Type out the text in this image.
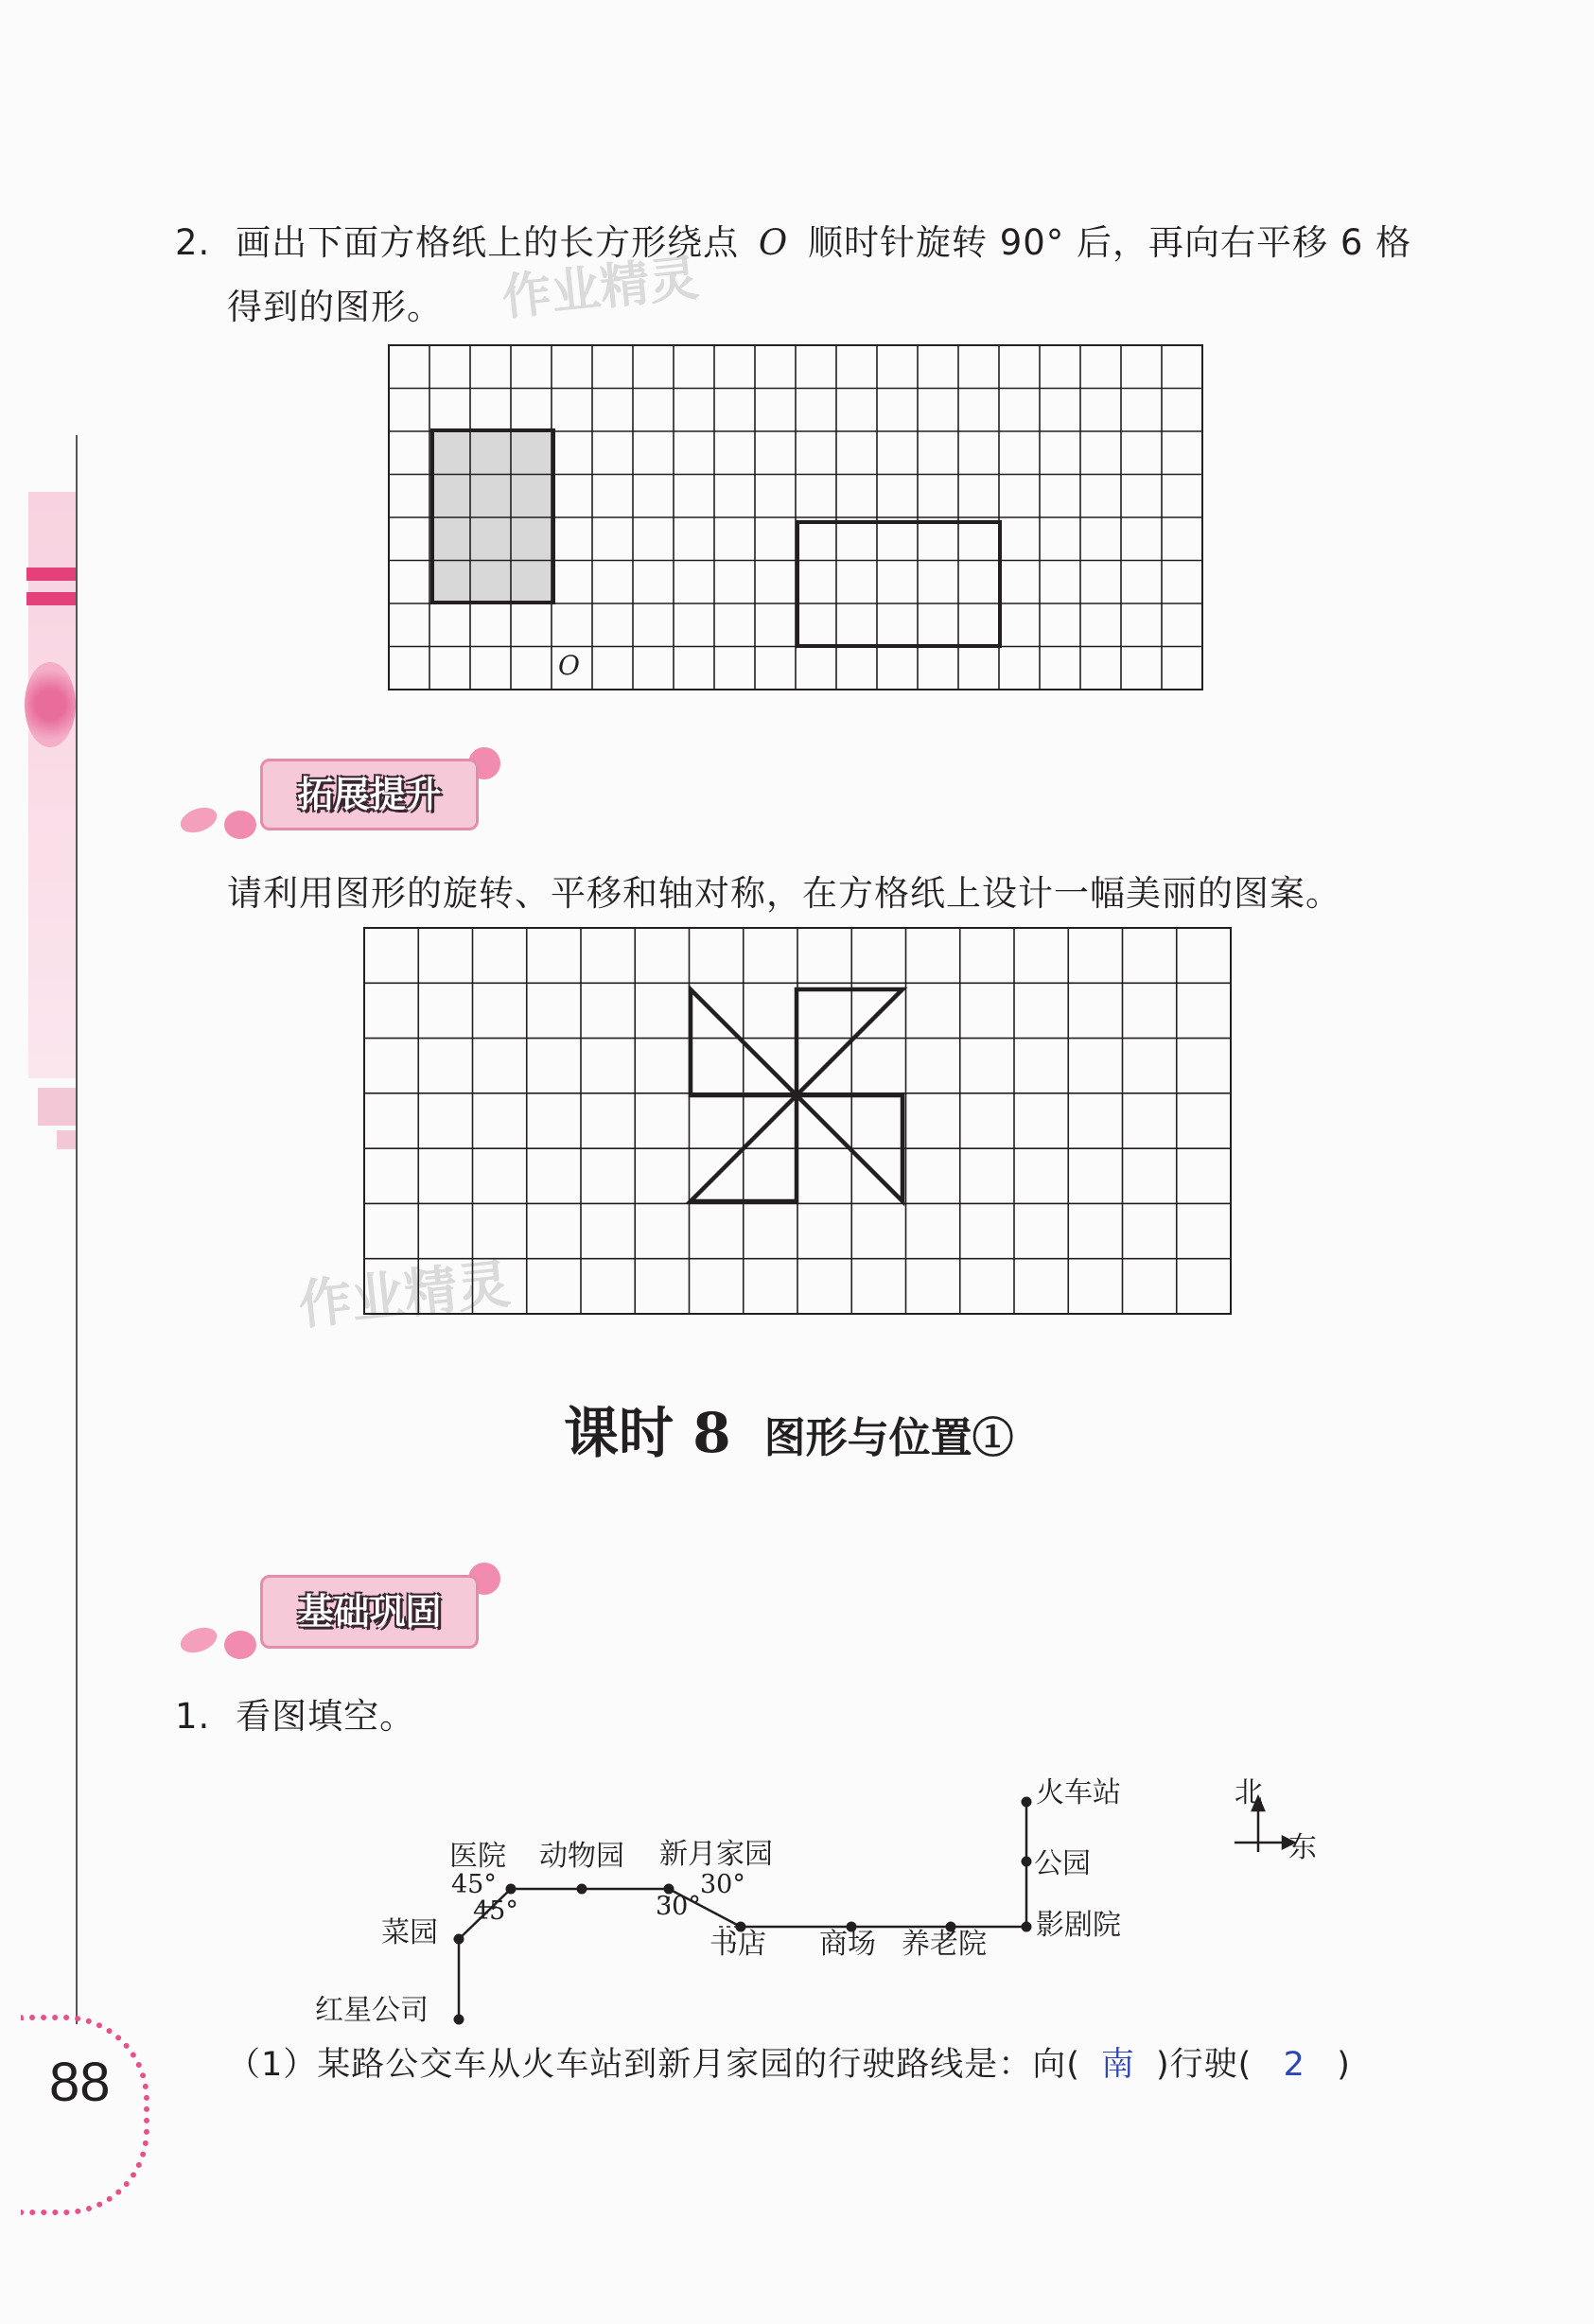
作业精灵
作业精灵
2. 画出下面方格纸上的长方形绕点 O 顺时针旋转 90° 后，再向右平移 6 格
得到的图形。
O
拓展提升
请利用图形的旋转、平移和轴对称，在方格纸上设计一幅美丽的图案。
课时 8 图形与位置①
基础巩固
1. 看图填空。
火车站
公园
影剧院
养老院
商场
书店
新月家园
动物园
医院
菜园
红星公司
45°
45°
30°
30°
北
东
（1）某路公交车从火车站到新月家园的行驶路线是：向( 南 )行驶( 2 )
88
